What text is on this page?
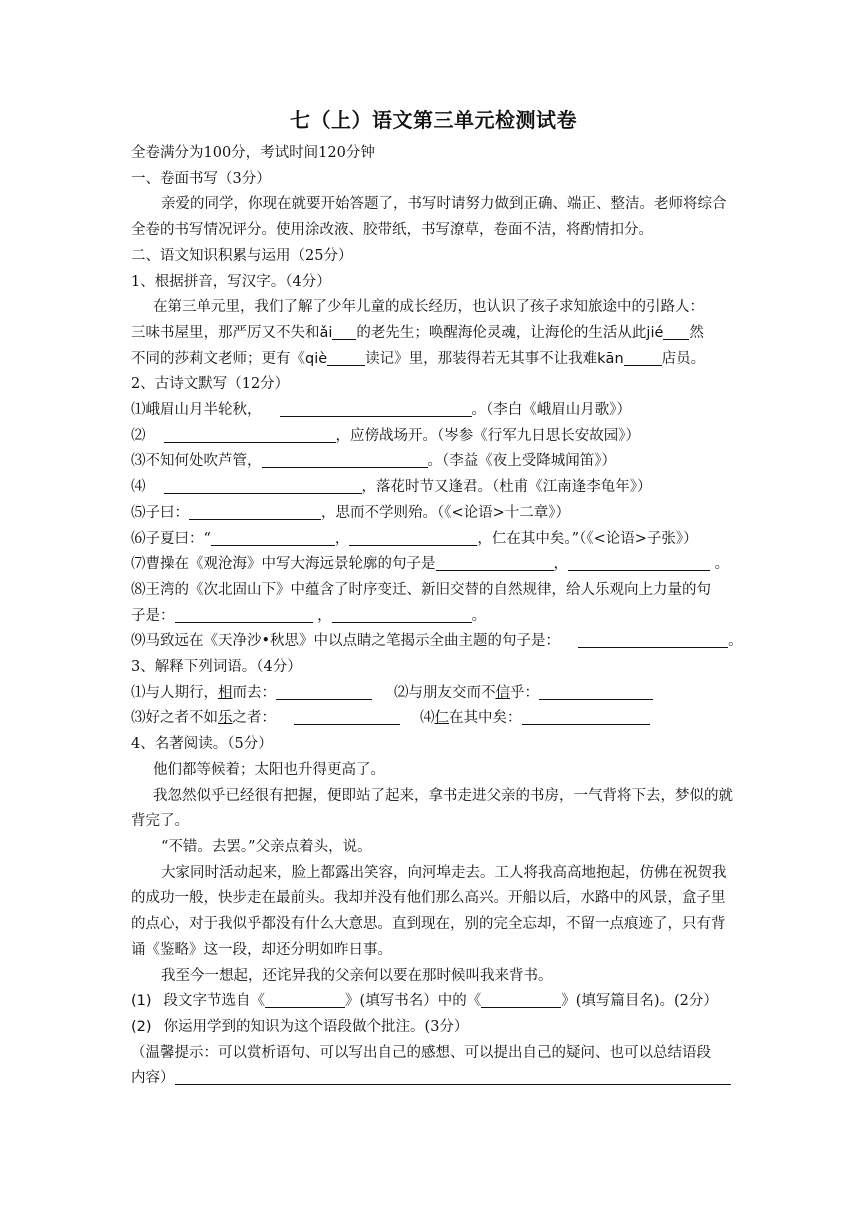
七（上）语文第三单元检测试卷
全卷满分为100分，考试时间120分钟
一、卷面书写（3分）
亲爱的同学，你现在就要开始答题了，书写时请努力做到正确、端正、整洁。老师将综合全卷的书写情况评分。使用涂改液、胶带纸，书写潦草，卷面不洁，将酌情扣分。
二、语文知识积累与运用（25分）
1、根据拼音，写汉字。（4分）
在第三单元里，我们了解了少年儿童的成长经历，也认识了孩子求知旅途中的引路人：
三味书屋里，那严厉又不失和ǎi 的老先生；唤醒海伦灵魂，让海伦的生活从此jié 然
不同的莎莉文老师；更有《qiè	读记》里，那装得若无其事不让我难kān	店员。
2、古诗文默写（12分）
⑴峨眉山月半轮秋，	。（李白《峨眉山月歌》）
⑵	，应傍战场开。（岑参《行军九日思长安故园》）
⑶不知何处吹芦管，	。（李益《夜上受降城闻笛》）
⑷	，落花时节又逢君。（杜甫《江南逢李龟年》）
⑸子曰：	，思而不学则殆。（《<论语>十二章》）
⑹子夏曰：“	，	，仁在其中矣。”（《<论语>子张》）
⑺曹操在《观沧海》中写大海远景轮廓的句子是	，	。
⑻王湾的《次北固山下》中蕴含了时序变迁、新旧交替的自然规律，给人乐观向上力量的句
子是：	，	。
⑼马致远在《天净沙•秋思》中以点睛之笔揭示全曲主题的句子是：	。
3、解释下列词语。（4分）
⑴与人期行，相而去：	⑵与朋友交而不信乎：
⑶好之者不如乐之者：	⑷仁在其中矣：
4、名著阅读。（5分）
他们都等候着；太阳也升得更高了。
我忽然似乎已经很有把握，便即站了起来，拿书走进父亲的书房，一气背将下去，梦似的就背完了。
“不错。去罢。”父亲点着头，说。
大家同时活动起来，脸上都露出笑容，向河埠走去。工人将我高高地抱起，仿佛在祝贺我的成功一般，快步走在最前头。我却并没有他们那么高兴。开船以后，水路中的风景，盒子里的点心，对于我似乎都没有什么大意思。直到现在，别的完全忘却，不留一点痕迹了，只有背诵《鉴略》这一段，却还分明如昨日事。
我至今一想起，还诧异我的父亲何以要在那时候叫我来背书。
(1) 段文字节选自《	》(填写书名）中的《	》(填写篇目名)。(2分）
(2) 你运用学到的知识为这个语段做个批注。(3分）
（温馨提示：可以赏析语句、可以写出自己的感想、可以提出自己的疑问、也可以总结语段
内容）
